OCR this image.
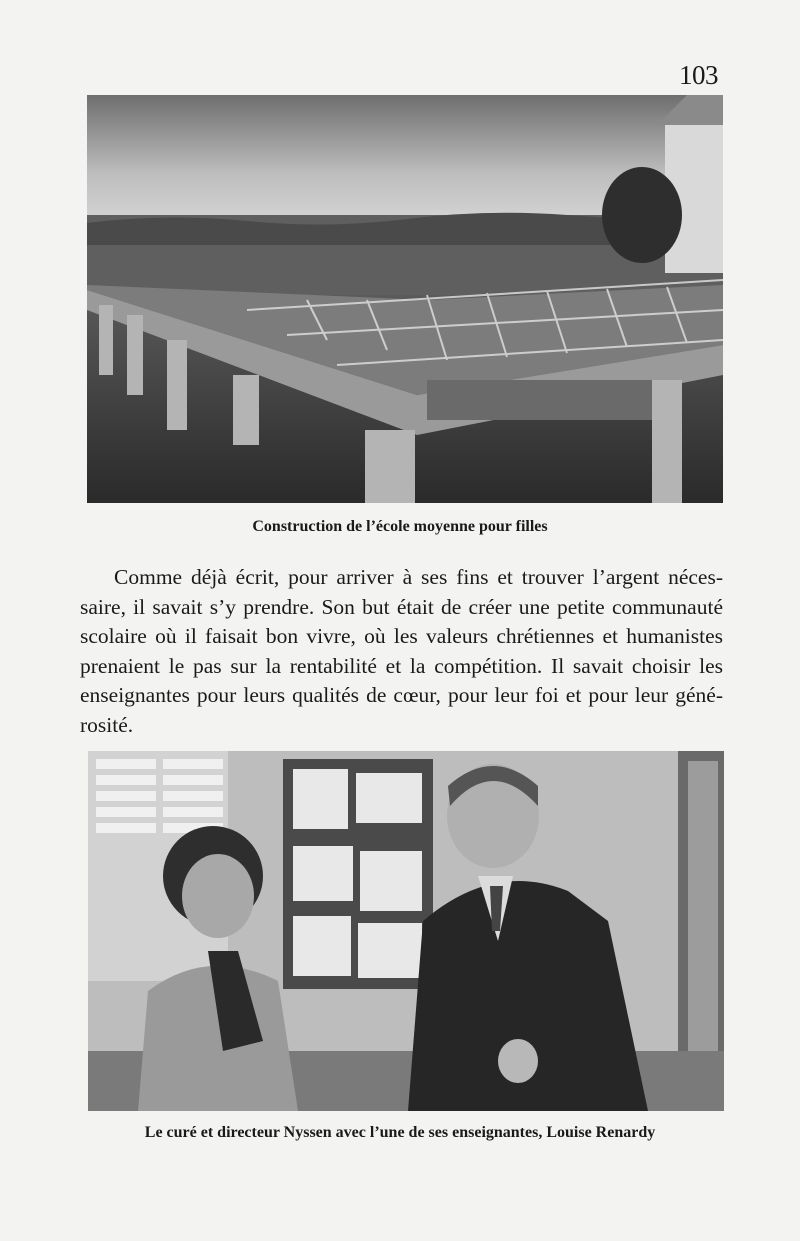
103
Construction de l’école moyenne pour filles
Comme déjà écrit, pour arriver à ses fins et trouver l’argent néces-
saire, il savait s’y prendre. Son but était de créer une petite communauté
scolaire où il faisait bon vivre, où les valeurs chrétiennes et humanistes
prenaient le pas sur la rentabilité et la compétition. Il savait choisir les
enseignantes pour leurs qualités de cœur, pour leur foi et pour leur géné-
rosité.
Le curé et directeur Nyssen avec l’une de ses enseignantes, Louise Renardy
